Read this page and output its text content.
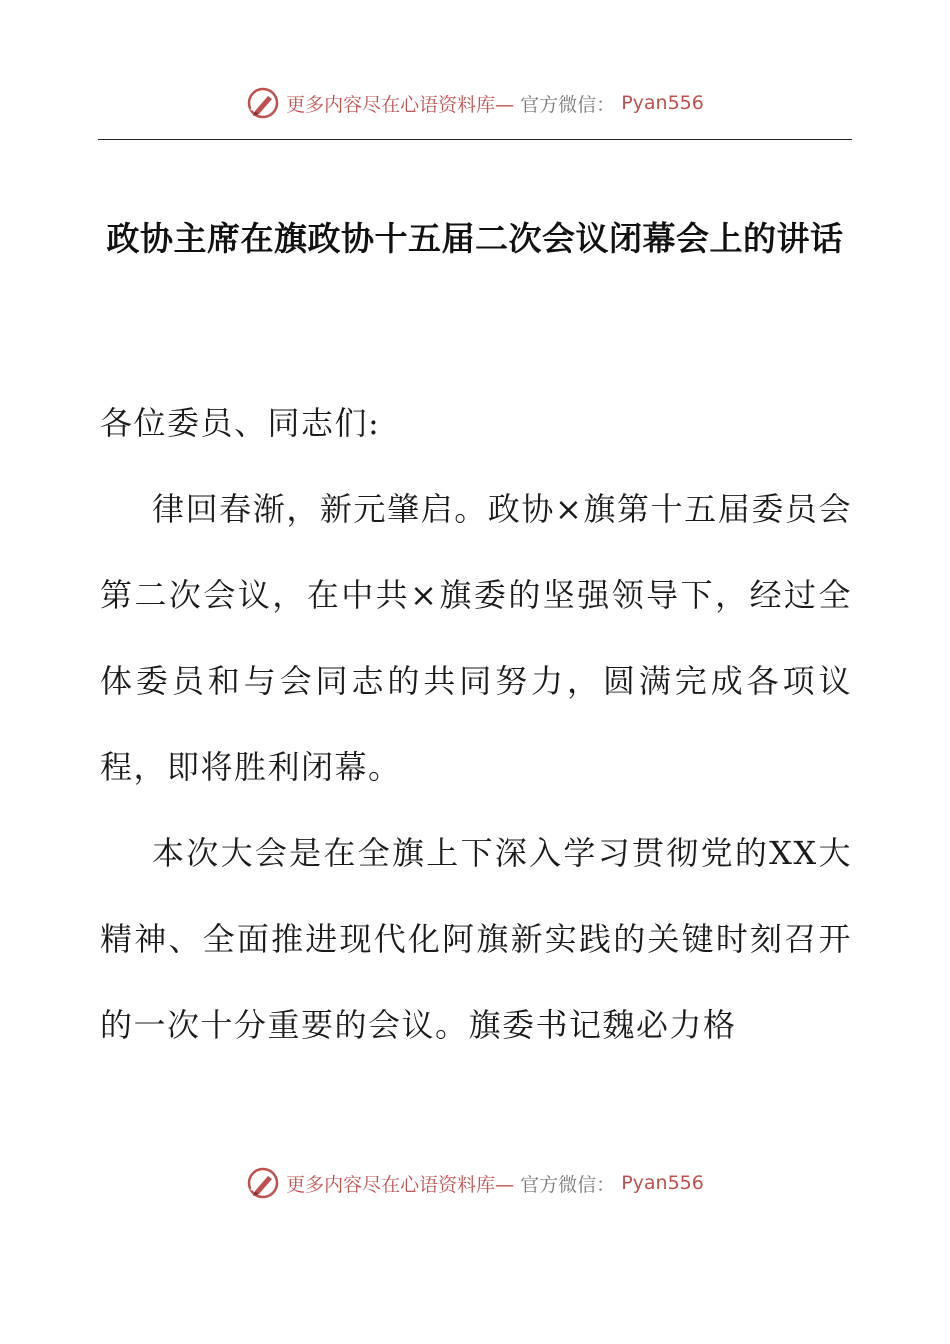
更多内容尽在心语资料库— 官方微信： Pyan556
政协主席在旗政协十五届二次会议闭幕会上的讲话

各位委员、同志们:

律回春渐，新元肇启。政协×旗第十五届委员会第二次会议，在中共×旗委的坚强领导下，经过全体委员和与会同志的共同努力，圆满完成各项议程，即将胜利闭幕。

本次大会是在全旗上下深入学习贯彻党的XX大精神、全面推进现代化阿旗新实践的关键时刻召开的一次十分重要的会议。旗委书记魏必力格

更多内容尽在心语资料库— 官方微信： Pyan556
